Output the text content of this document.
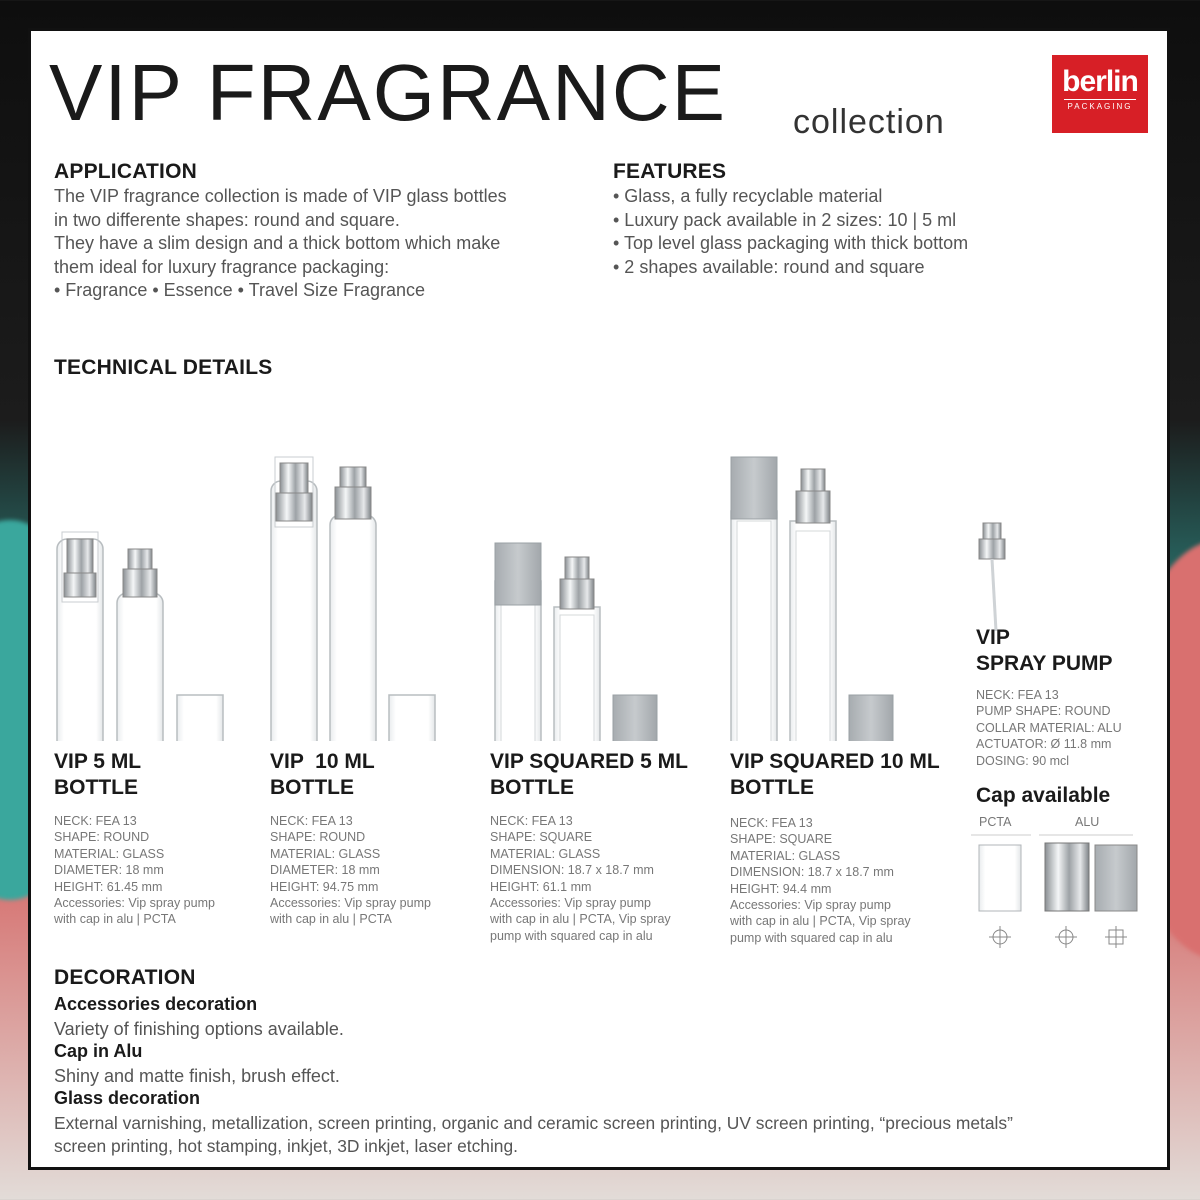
VIP FRAGRANCE collection
berlin
PACKAGING
APPLICATION
The VIP fragrance collection is made of VIP glass bottles
in two differente shapes: round and square.
They have a slim design and a thick bottom which make
them ideal for luxury fragrance packaging:
• Fragrance • Essence • Travel Size Fragrance
FEATURES
• Glass, a fully recyclable material
• Luxury pack available in 2 sizes: 10 | 5 ml
• Top level glass packaging with thick bottom
• 2 shapes available: round and square
TECHNICAL DETAILS
VIP 5 ML
BOTTLE
NECK: FEA 13
SHAPE: ROUND
MATERIAL: GLASS
DIAMETER: 18 mm
HEIGHT: 61.45 mm
Accessories: Vip spray pump
with cap in alu | PCTA
VIP  10 ML
BOTTLE
NECK: FEA 13
SHAPE: ROUND
MATERIAL: GLASS
DIAMETER: 18 mm
HEIGHT: 94.75 mm
Accessories: Vip spray pump
with cap in alu | PCTA
VIP SQUARED 5 ML
BOTTLE
NECK: FEA 13
SHAPE: SQUARE
MATERIAL: GLASS
DIMENSION: 18.7 x 18.7 mm
HEIGHT: 61.1 mm
Accessories: Vip spray pump
with cap in alu | PCTA, Vip spray
pump with squared cap in alu
VIP SQUARED 10 ML
BOTTLE
NECK: FEA 13
SHAPE: SQUARE
MATERIAL: GLASS
DIMENSION: 18.7 x 18.7 mm
HEIGHT: 94.4 mm
Accessories: Vip spray pump
with cap in alu | PCTA, Vip spray
pump with squared cap in alu
VIP
SPRAY PUMP
NECK: FEA 13
PUMP SHAPE: ROUND
COLLAR MATERIAL: ALU
ACTUATOR: Ø 11.8 mm
DOSING: 90 mcl
Cap available
PCTA	ALU
DECORATION
Accessories decoration
Variety of finishing options available.
Cap in Alu
Shiny and matte finish, brush effect.
Glass decoration
External varnishing, metallization, screen printing, organic and ceramic screen printing, UV screen printing, “precious metals”
screen printing, hot stamping, inkjet, 3D inkjet, laser etching.
